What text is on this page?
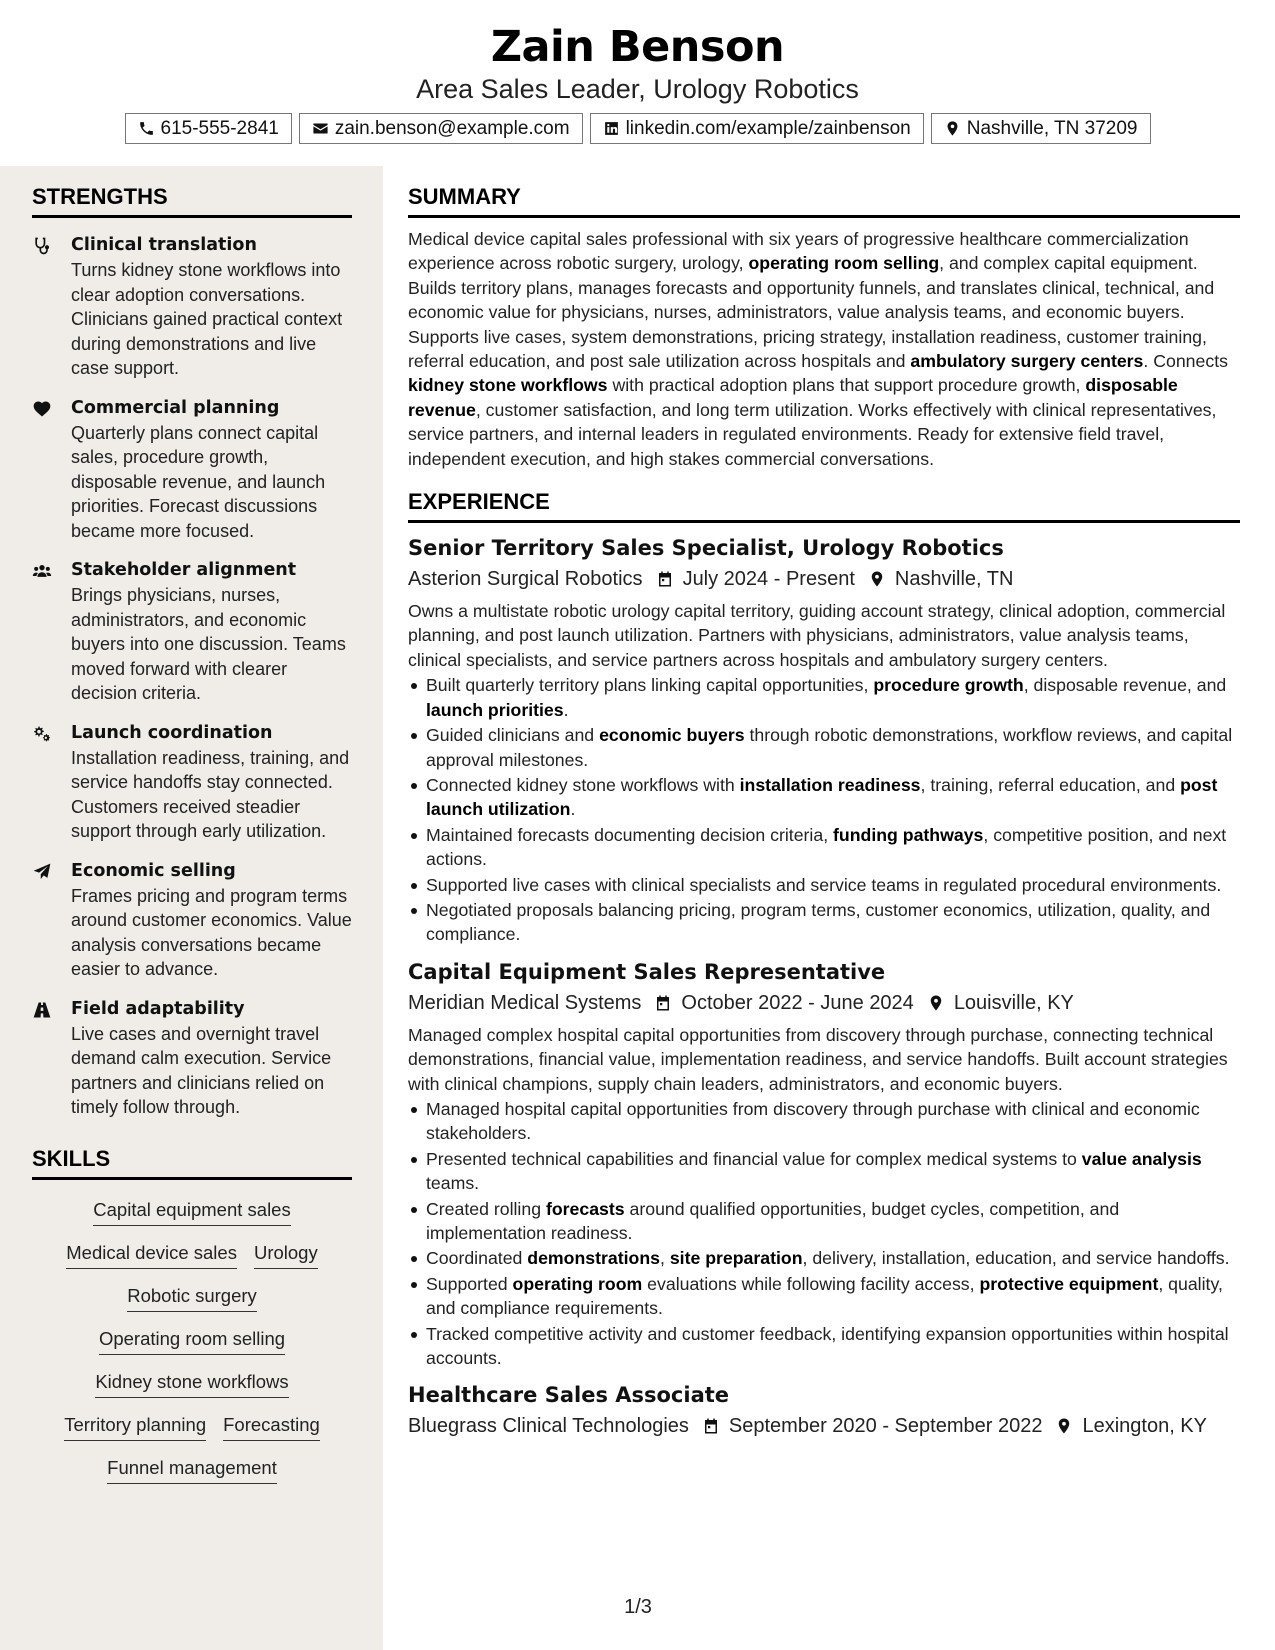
Zain Benson
Area Sales Leader, Urology Robotics
615-555-2841	zain.benson@example.com	linkedin.com/example/zainbenson	Nashville, TN 37209
STRENGTHS
Clinical translation
Turns kidney stone workflows into clear adoption conversations. Clinicians gained practical context during demonstrations and live case support.
Commercial planning
Quarterly plans connect capital sales, procedure growth, disposable revenue, and launch priorities. Forecast discussions became more focused.
Stakeholder alignment
Brings physicians, nurses, administrators, and economic buyers into one discussion. Teams moved forward with clearer decision criteria.
Launch coordination
Installation readiness, training, and service handoffs stay connected. Customers received steadier support through early utilization.
Economic selling
Frames pricing and program terms around customer economics. Value analysis conversations became easier to advance.
Field adaptability
Live cases and overnight travel demand calm execution. Service partners and clinicians relied on timely follow through.
SKILLS
Capital equipment sales
Medical device sales Urology
Robotic surgery
Operating room selling
Kidney stone workflows
Territory planning Forecasting
Funnel management
SUMMARY
Medical device capital sales professional with six years of progressive healthcare commercialization experience across robotic surgery, urology, operating room selling, and complex capital equipment. Builds territory plans, manages forecasts and opportunity funnels, and translates clinical, technical, and economic value for physicians, nurses, administrators, value analysis teams, and economic buyers. Supports live cases, system demonstrations, pricing strategy, installation readiness, customer training, referral education, and post sale utilization across hospitals and ambulatory surgery centers. Connects kidney stone workflows with practical adoption plans that support procedure growth, disposable revenue, customer satisfaction, and long term utilization. Works effectively with clinical representatives, service partners, and internal leaders in regulated environments. Ready for extensive field travel, independent execution, and high stakes commercial conversations.
EXPERIENCE
Senior Territory Sales Specialist, Urology Robotics
Asterion Surgical Robotics July 2024 - Present Nashville, TN
Owns a multistate robotic urology capital territory, guiding account strategy, clinical adoption, commercial planning, and post launch utilization. Partners with physicians, administrators, value analysis teams, clinical specialists, and service partners across hospitals and ambulatory surgery centers.
Built quarterly territory plans linking capital opportunities, procedure growth, disposable revenue, and launch priorities.
Guided clinicians and economic buyers through robotic demonstrations, workflow reviews, and capital approval milestones.
Connected kidney stone workflows with installation readiness, training, referral education, and post launch utilization.
Maintained forecasts documenting decision criteria, funding pathways, competitive position, and next actions.
Supported live cases with clinical specialists and service teams in regulated procedural environments.
Negotiated proposals balancing pricing, program terms, customer economics, utilization, quality, and compliance.
Capital Equipment Sales Representative
Meridian Medical Systems October 2022 - June 2024 Louisville, KY
Managed complex hospital capital opportunities from discovery through purchase, connecting technical demonstrations, financial value, implementation readiness, and service handoffs. Built account strategies with clinical champions, supply chain leaders, administrators, and economic buyers.
Managed hospital capital opportunities from discovery through purchase with clinical and economic stakeholders.
Presented technical capabilities and financial value for complex medical systems to value analysis teams.
Created rolling forecasts around qualified opportunities, budget cycles, competition, and implementation readiness.
Coordinated demonstrations, site preparation, delivery, installation, education, and service handoffs.
Supported operating room evaluations while following facility access, protective equipment, quality, and compliance requirements.
Tracked competitive activity and customer feedback, identifying expansion opportunities within hospital accounts.
Healthcare Sales Associate
Bluegrass Clinical Technologies September 2020 - September 2022 Lexington, KY
1/3
